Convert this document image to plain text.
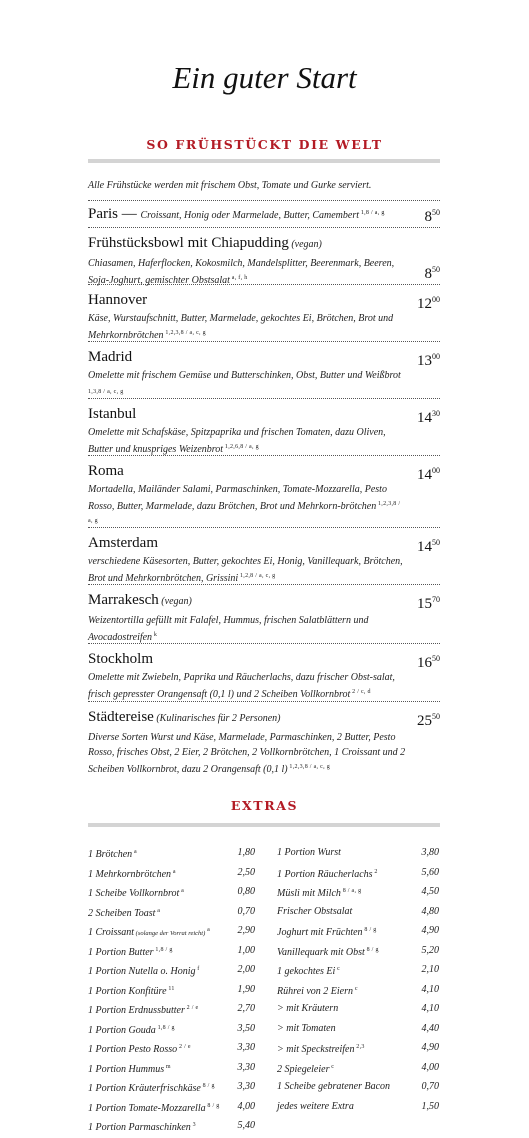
Ein guter Start
SO FRÜHSTÜCKT DIE WELT
Alle Frühstücke werden mit frischem Obst, Tomate und Gurke serviert.
Paris — Croissant, Honig oder Marmelade, Butter, Camembert $^{1,8 / a, g}$	$8^{50}$
Frühstücksbowl mit Chiapudding (vegan)
Chiasamen, Haferflocken, Kokosmilch, Mandelsplitter, Beerenmark, Beeren, Soja-Joghurt, gemischter Obstsalat $^{a, f, h}$	$8^{50}$
Hannover
Käse, Wurstaufschnitt, Butter, Marmelade, gekochtes Ei, Brötchen, Brot und Mehrkornbrötchen $^{1,2,3,8 / a, c, g}$
$12^{00}$
Madrid
Omelette mit frischem Gemüse und Butterschinken, Obst, Butter und Weißbrot $^{1,3,8 / a, c, g}$
$13^{00}$
Istanbul
Omelette mit Schafskäse, Spitzpaprika und frischen Tomaten, dazu Oliven, Butter und knuspriges Weizenbrot $^{1,2,6,8 / a, g}$
$14^{30}$
Roma
Mortadella, Mailänder Salami, Parmaschinken, Tomate-Mozzarella, Pesto Rosso, Butter, Marmelade, dazu Brötchen, Brot und Mehrkorn-brötchen $^{1,2,3,8 / a, g}$
$14^{00}$
Amsterdam
verschiedene Käsesorten, Butter, gekochtes Ei, Honig, Vanillequark, Brötchen, Brot und Mehrkornbrötchen, Grissini $^{1,2,8 / a, c, g}$
$14^{50}$
Marrakesch (vegan)
Weizentortilla gefüllt mit Falafel, Hummus, frischen Salatblättern und Avocadostreifen $^k$
$15^{70}$
Stockholm
Omelette mit Zwiebeln, Paprika und Räucherlachs, dazu frischer Obst-salat, frisch gepresster Orangensaft (0,1 l) und 2 Scheiben Vollkornbrot $^{2 / c, d}$
$16^{50}$
Städtereise (Kulinarisches für 2 Personen)
Diverse Sorten Wurst und Käse, Marmelade, Parmaschinken, 2 Butter, Pesto Rosso, frisches Obst, 2 Eier, 2 Brötchen, 2 Vollkornbrötchen, 1 Croissant und 2 Scheiben Vollkornbrot, dazu 2 Orangensaft (0,1 l) $^{1,2,3,8 / a, c, g}$
$25^{50}$
EXTRAS
1 Brötchen $^a$	1,80
1 Mehrkornbrötchen $^a$	2,50
1 Scheibe Vollkornbrot $^a$	0,80
2 Scheiben Toast $^a$	0,70
1 Croissant (solange der Vorrat reicht) $^a$	2,90
1 Portion Butter $^{1,8 / g}$	1,00
1 Portion Nutella o. Honig $^f$	2,00
1 Portion Konfitüre $^{11}$	1,90
1 Portion Erdnussbutter $^{2 / e}$	2,70
1 Portion Gouda $^{1,8 / g}$	3,50
1 Portion Pesto Rosso $^{2 / e}$	3,30
1 Portion Hummus $^m$	3,30
1 Portion Kräuterfrischkäse $^{8 / g}$ 3,30
1 Portion Tomate-Mozzarella $^{8 / g}$ 4,00
1 Portion Parmaschinken $^3$	5,40
1 Portion Wurst	3,80
1 Portion Räucherlachs $^2$	5,60
Müsli mit Milch $^{8 / a, g}$	4,50
Frischer Obstsalat	4,80
Joghurt mit Früchten $^{8 / g}$	4,90
Vanillequark mit Obst $^{8 / g}$	5,20
1 gekochtes Ei $^c$	2,10
Rührei von 2 Eiern $^c$	4,10
> mit Kräutern	4,10
> mit Tomaten	4,40
> mit Speckstreifen $^{2,3}$	4,90
2 Spiegeleier $^c$	4,00
1 Scheibe gebratener Bacon	0,70
jedes weitere Extra	1,50
